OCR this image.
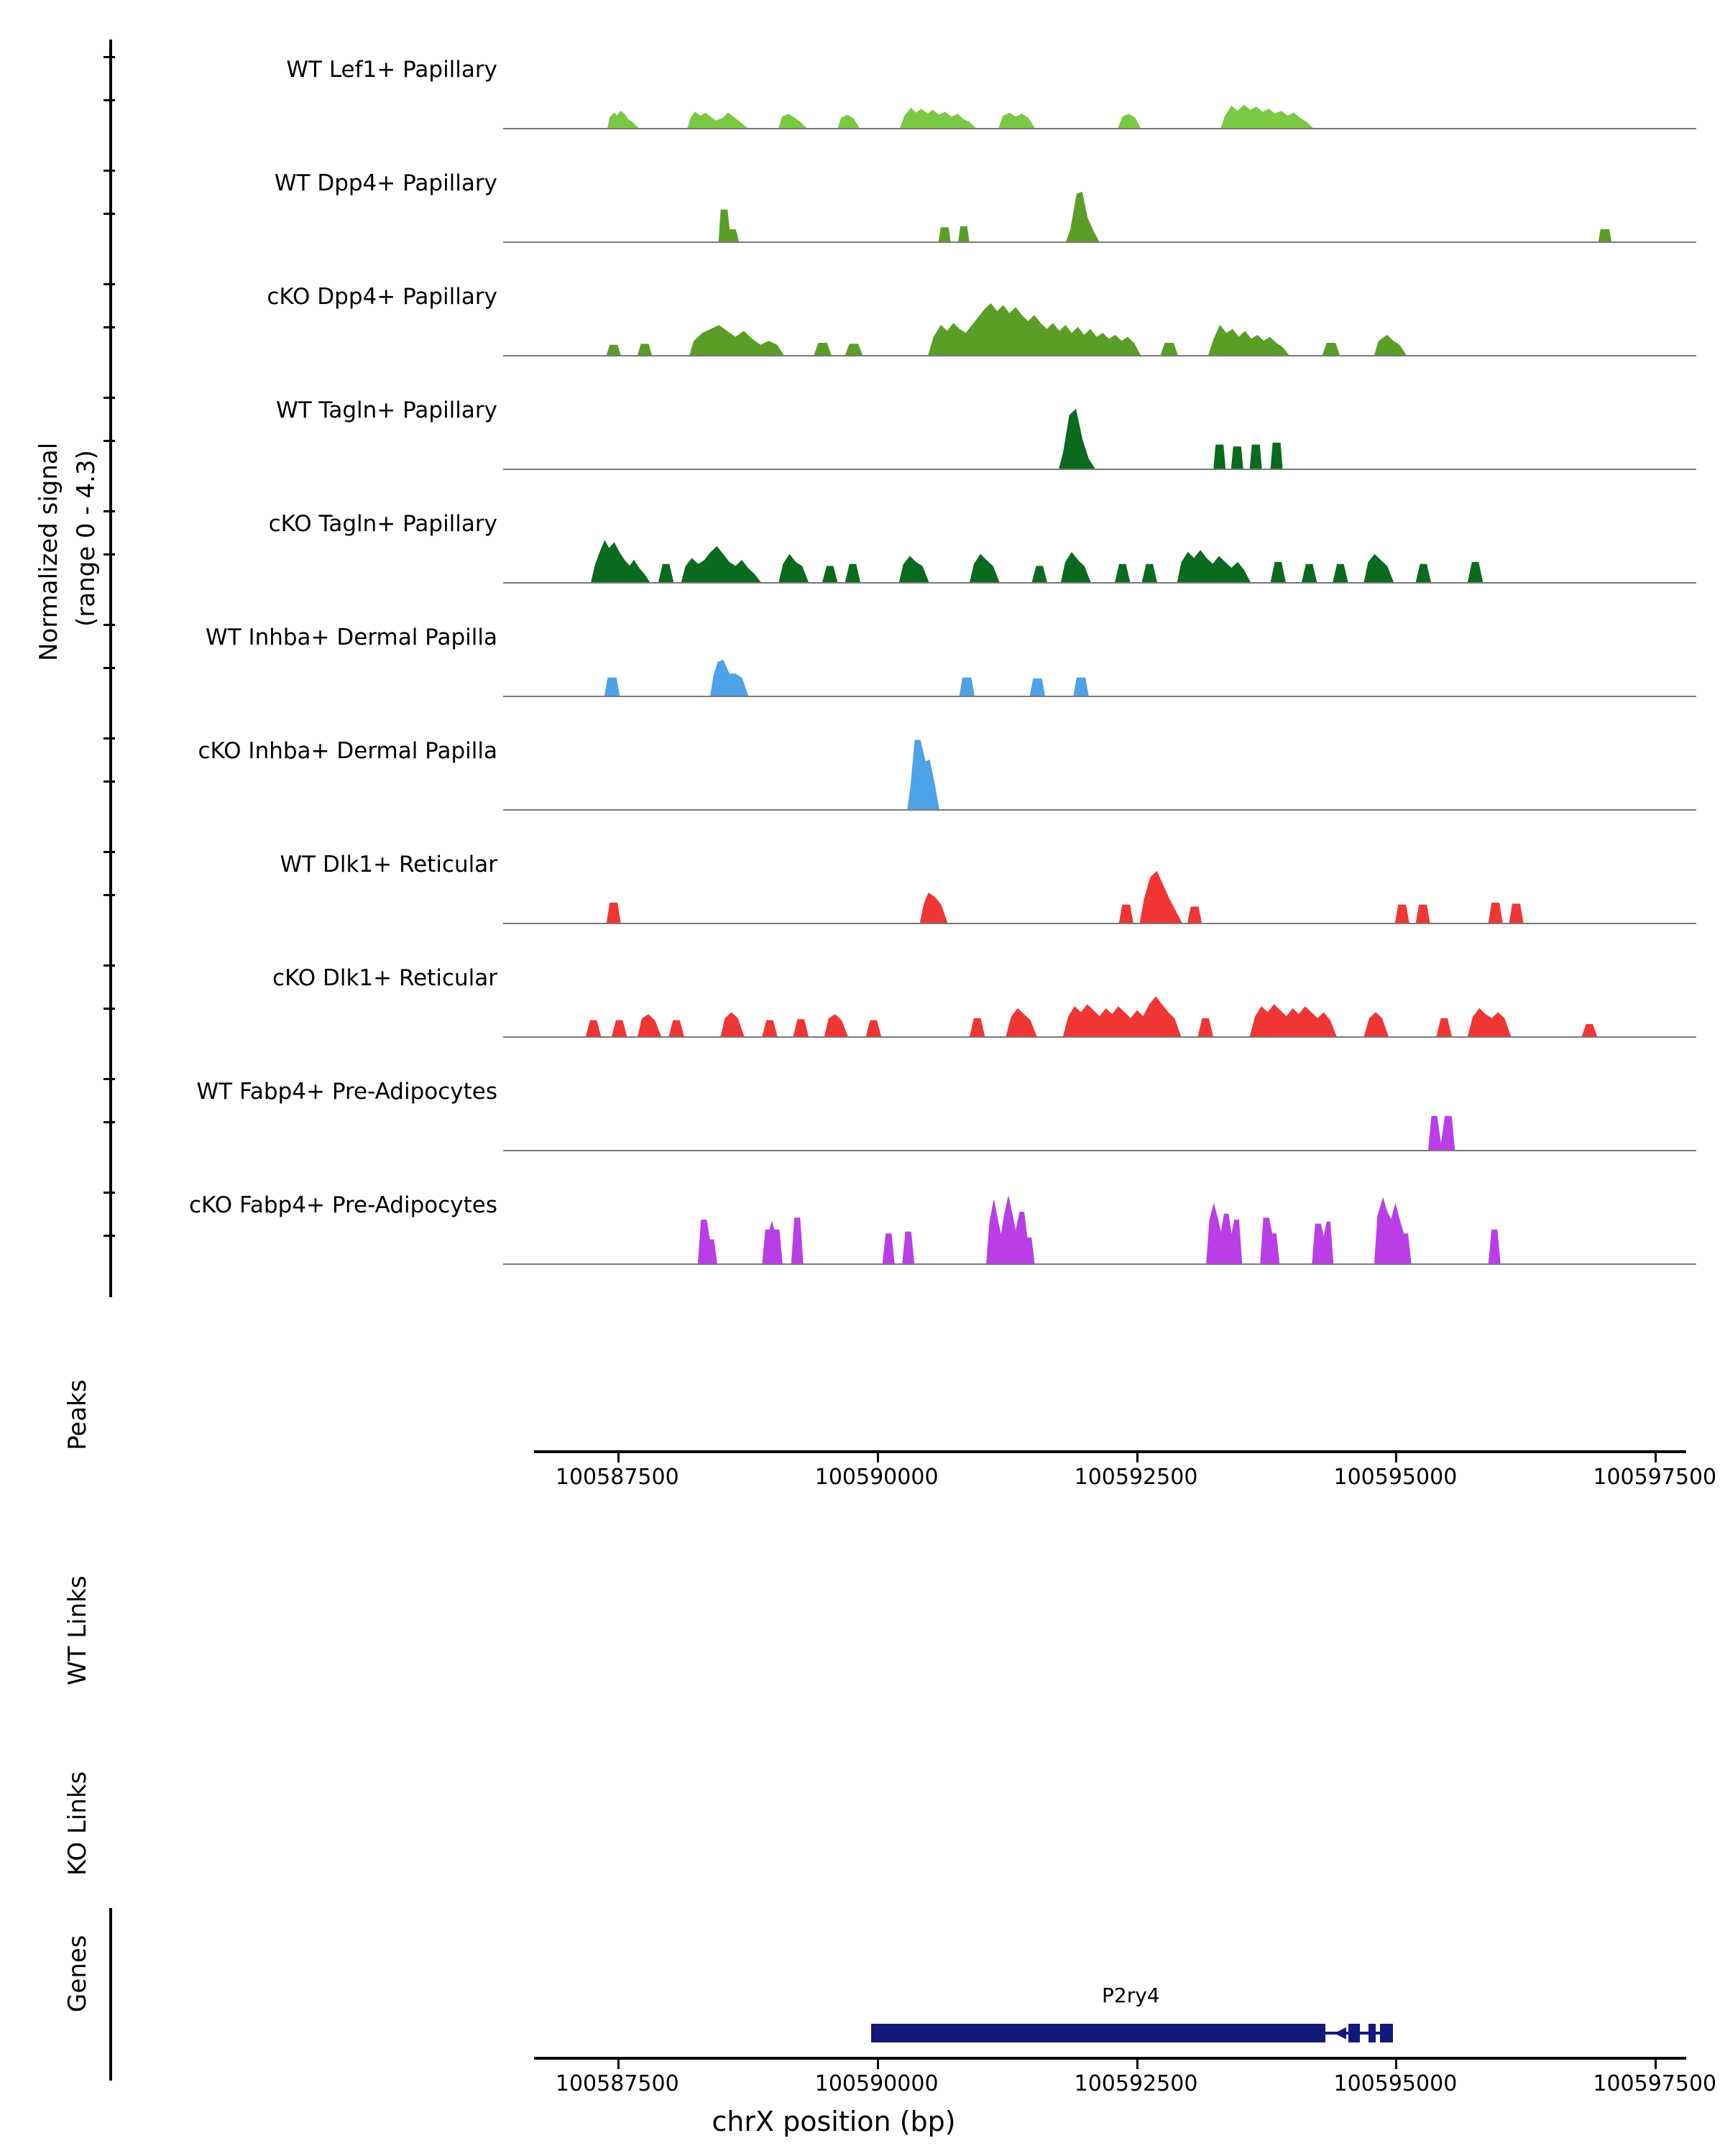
Normalized signal (range 0 - 4.3)
Peaks
WT Links
KO Links
Genes
WT Lef1+ Papillary
WT Dpp4+ Papillary
cKO Dpp4+ Papillary
WT Tagln+ Papillary
cKO Tagln+ Papillary
WT Inhba+ Dermal Papilla
cKO Inhba+ Dermal Papilla
WT Dlk1+ Reticular
cKO Dlk1+ Reticular
WT Fabp4+ Pre-Adipocytes
cKO Fabp4+ Pre-Adipocytes
100587500	100590000	100592500	100595000	100597500
◀
P2ry4
100587500	100590000	100592500	100595000	100597500
chrX position (bp)
